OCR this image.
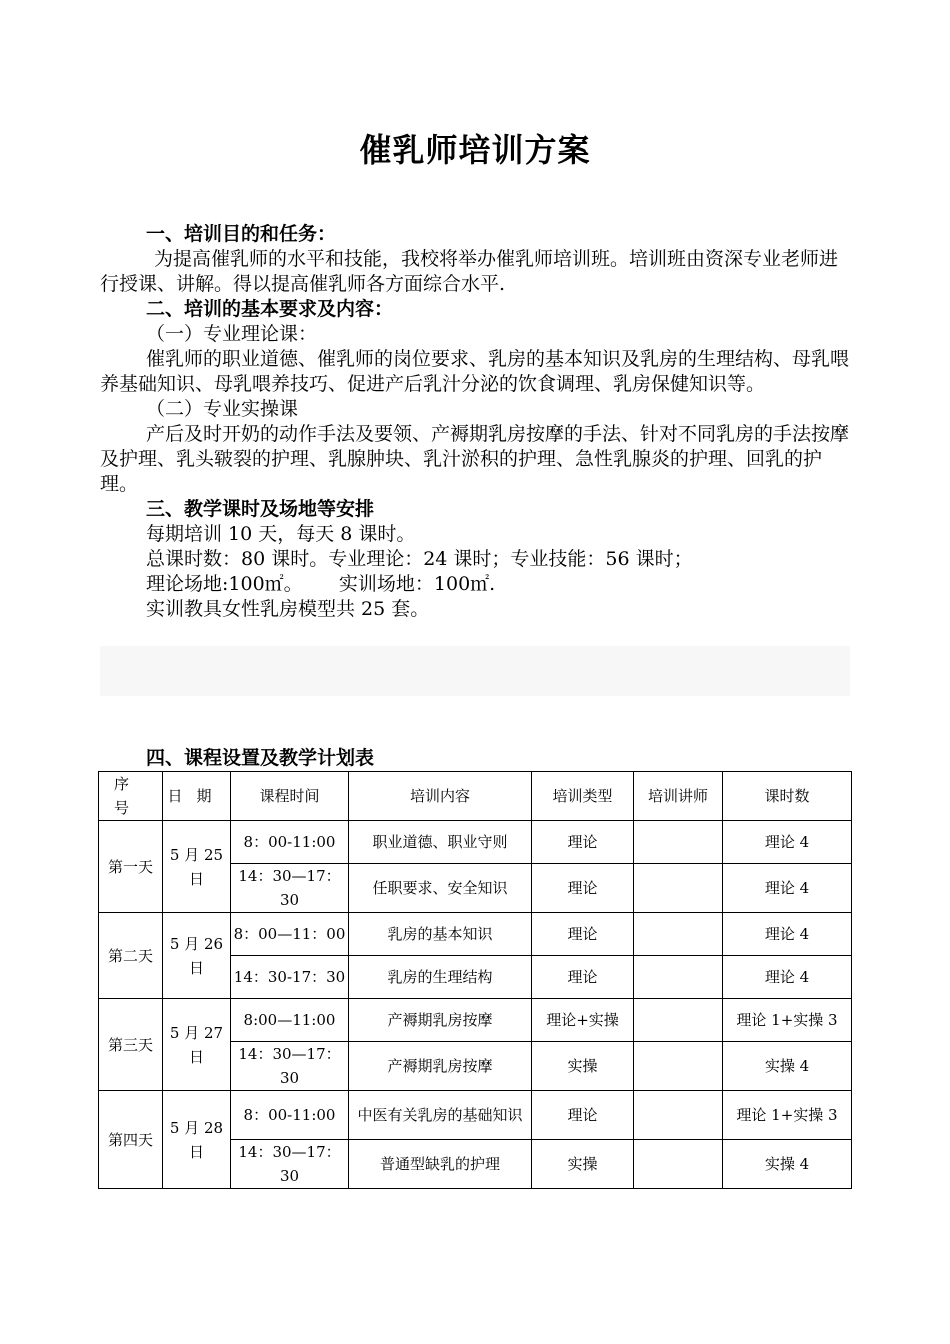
催乳师培训方案

一、培训目的和任务：

为提高催乳师的水平和技能，我校将举办催乳师培训班。培训班由资深专业老师进行授课、讲解。得以提高催乳师各方面综合水平.

二、培训的基本要求及内容：

（一）专业理论课：

催乳师的职业道德、催乳师的岗位要求、乳房的基本知识及乳房的生理结构、母乳喂养基础知识、母乳喂养技巧、促进产后乳汁分泌的饮食调理、乳房保健知识等。

（二）专业实操课

产后及时开奶的动作手法及要领、产褥期乳房按摩的手法、针对不同乳房的手法按摩及护理、乳头皲裂的护理、乳腺肿块、乳汁淤积的护理、急性乳腺炎的护理、回乳的护理。

三、教学课时及场地等安排

每期培训 10 天，每天 8 课时。

总课时数：80 课时。专业理论：24 课时；专业技能：56 课时；

理论场地:100㎡。      实训场地：100㎡.

实训教具女性乳房模型共 25 套。

四、课程设置及教学计划表
序号	日期	课程时间	培训内容	培训类型	培训讲师	课时数
第一天	5 月 25 日	8：00-11:00	职业道德、职业守则	理论		理论 4
		14：30—17：30	任职要求、安全知识	理论		理论 4
第二天	5 月 26 日	8：00—11：00	乳房的基本知识	理论		理论 4
		14：30-17：30	乳房的生理结构	理论		理论 4
第三天	5 月 27 日	8:00—11:00	产褥期乳房按摩	理论+实操		理论 1+实操 3
		14：30—17：30	产褥期乳房按摩	实操		实操 4
第四天	5 月 28 日	8：00-11:00	中医有关乳房的基础知识	理论		理论 1+实操 3
		14：30—17：30	普通型缺乳的护理	实操		实操 4
